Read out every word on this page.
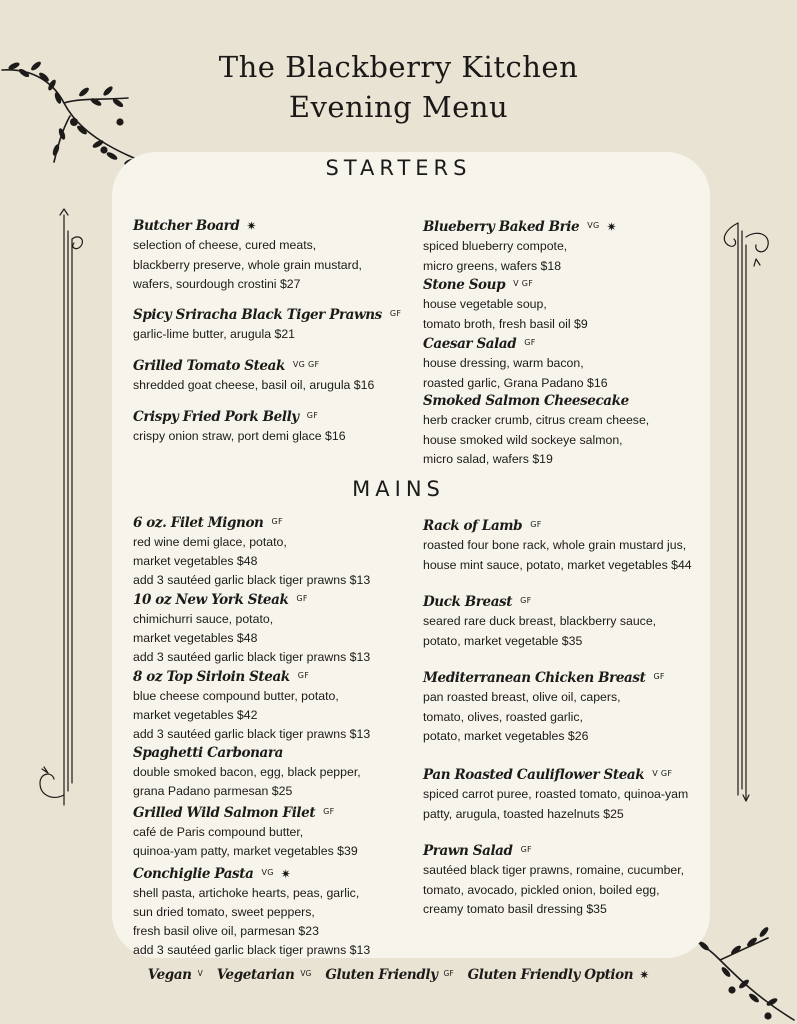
The Blackberry Kitchen
Evening Menu
STARTERS
MAINS
Butcher Board ✷
selection of cheese, cured meats,
blackberry preserve, whole grain mustard,
wafers, sourdough crostini $27
Spicy Sriracha Black Tiger Prawns $^{GF}$
garlic-lime butter, arugula $21
Grilled Tomato Steak $^{VG GF}$
shredded goat cheese, basil oil, arugula $16
Crispy Fried Pork Belly $^{GF}$
crispy onion straw, port demi glace $16
Blueberry Baked Brie $^{VG}$ ✷
spiced blueberry compote,
micro greens, wafers $18
Stone Soup $^{V GF}$
house vegetable soup,
tomato broth, fresh basil oil $9
Caesar Salad $^{GF}$
house dressing, warm bacon,
roasted garlic, Grana Padano $16
Smoked Salmon Cheesecake
herb cracker crumb, citrus cream cheese,
house smoked wild sockeye salmon,
micro salad, wafers $19
6 oz. Filet Mignon $^{GF}$
red wine demi glace, potato,
market vegetables $48
add 3 sautéed garlic black tiger prawns $13
10 oz New York Steak $^{GF}$
chimichurri sauce, potato,
market vegetables $48
add 3 sautéed garlic black tiger prawns $13
8 oz Top Sirloin Steak $^{GF}$
blue cheese compound butter, potato,
market vegetables $42
add 3 sautéed garlic black tiger prawns $13
Spaghetti Carbonara
double smoked bacon, egg, black pepper,
grana Padano parmesan $25
Grilled Wild Salmon Filet $^{GF}$
café de Paris compound butter,
quinoa-yam patty, market vegetables $39
Conchiglie Pasta $^{VG}$ ✷
shell pasta, artichoke hearts, peas, garlic,
sun dried tomato, sweet peppers,
fresh basil olive oil, parmesan $23
add 3 sautéed garlic black tiger prawns $13
Rack of Lamb $^{GF}$
roasted four bone rack, whole grain mustard jus,
house mint sauce, potato, market vegetables $44
Duck Breast $^{GF}$
seared rare duck breast, blackberry sauce,
potato, market vegetable $35
Mediterranean Chicken Breast $^{GF}$
pan roasted breast, olive oil, capers,
tomato, olives, roasted garlic,
potato, market vegetables $26
Pan Roasted Cauliflower Steak $^{V GF}$
spiced carrot puree, roasted tomato, quinoa-yam
patty, arugula, toasted hazelnuts $25
Prawn Salad $^{GF}$
sautéed black tiger prawns, romaine, cucumber,
tomato, avocado, pickled onion, boiled egg,
creamy tomato basil dressing $35
Vegan V Vegetarian VG Gluten Friendly GF Gluten Friendly Option ✷
